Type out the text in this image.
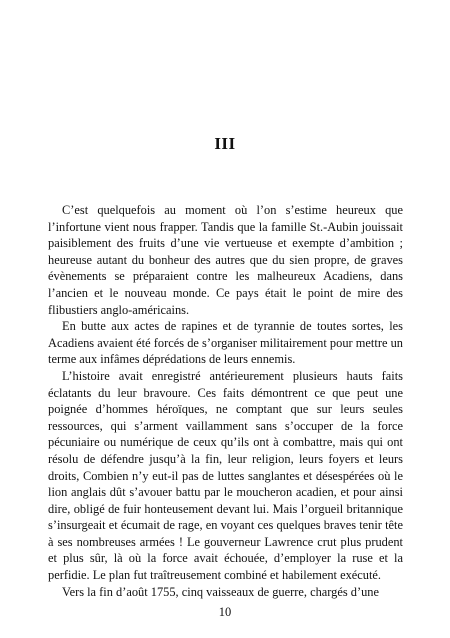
III

C’est quelquefois au moment où l’on s’estime heureux que l’infortune vient nous frapper. Tandis que la famille St.-Aubin jouissait paisiblement des fruits d’une vie vertueuse et exempte d’ambition ; heureuse autant du bonheur des autres que du sien propre, de graves évènements se préparaient contre les malheureux Acadiens, dans l’ancien et le nouveau monde. Ce pays était le point de mire des flibustiers anglo-américains.

En butte aux actes de rapines et de tyrannie de toutes sortes, les Acadiens avaient été forcés de s’organiser militairement pour mettre un terme aux infâmes déprédations de leurs ennemis.

L’histoire avait enregistré antérieurement plusieurs hauts faits éclatants du leur bravoure. Ces faits démontrent ce que peut une poignée d’hommes héroïques, ne comptant que sur leurs seules ressources, qui s’arment vaillamment sans s’occuper de la force pécuniaire ou numérique de ceux qu’ils ont à combattre, mais qui ont résolu de défendre jusqu’à la fin, leur religion, leurs foyers et leurs droits, Combien n’y eut-il pas de luttes sanglantes et désespérées où le lion anglais dût s’avouer battu par le moucheron acadien, et pour ainsi dire, obligé de fuir honteusement devant lui. Mais l’orgueil britannique s’insurgeait et écumait de rage, en voyant ces quelques braves tenir tête à ses nombreuses armées ! Le gouverneur Lawrence crut plus prudent et plus sûr, là où la force avait échouée, d’employer la ruse et la perfidie. Le plan fut traîtreusement combiné et habilement exécuté.

Vers la fin d’août 1755, cinq vaisseaux de guerre, chargés d’une

10
